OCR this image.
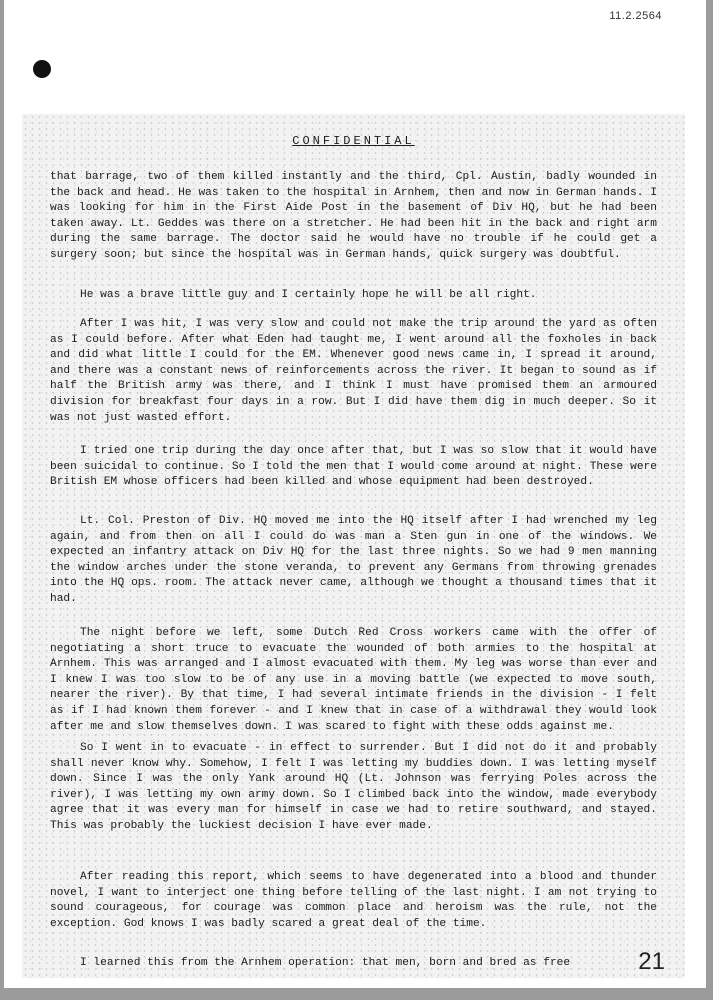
11.2.2564
CONFIDENTIAL

that barrage, two of them killed instantly and the third, Cpl. Austin, badly wounded in the back and head. He was taken to the hospital in Arnhem, then and now in German hands. I was looking for him in the First Aide Post in the basement of Div HQ, but he had been taken away. Lt. Geddes was there on a stretcher. He had been hit in the back and right arm during the same barrage. The doctor said he would have no trouble if he could get a surgery soon; but since the hospital was in German hands, quick surgery was doubtful.

He was a brave little guy and I certainly hope he will be all right.

After I was hit, I was very slow and could not make the trip around the yard as often as I could before. After what Eden had taught me, I went around all the foxholes in back and did what little I could for the EM. Whenever good news came in, I spread it around, and there was a constant news of reinforcements across the river. It began to sound as if half the British army was there, and I think I must have promised them an armoured division for breakfast four days in a row. But I did have them dig in much deeper. So it was not just wasted effort.

I tried one trip during the day once after that, but I was so slow that it would have been suicidal to continue. So I told the men that I would come around at night. These were British EM whose officers had been killed and whose equipment had been destroyed.

Lt. Col. Preston of Div. HQ moved me into the HQ itself after I had wrenched my leg again, and from then on all I could do was man a Sten gun in one of the windows. We expected an infantry attack on Div HQ for the last three nights. So we had 9 men manning the window arches under the stone veranda, to prevent any Germans from throwing grenades into the HQ ops. room. The attack never came, although we thought a thousand times that it had.

The night before we left, some Dutch Red Cross workers came with the offer of negotiating a short truce to evacuate the wounded of both armies to the hospital at Arnhem. This was arranged and I almost evacuated with them. My leg was worse than ever and I knew I was too slow to be of any use in a moving battle (we expected to move south, nearer the river). By that time, I had several intimate friends in the division - I felt as if I had known them forever - and I knew that in case of a withdrawal they would look after me and slow themselves down. I was scared to fight with these odds against me.

So I went in to evacuate - in effect to surrender. But I did not do it and probably shall never know why. Somehow, I felt I was letting my buddies down. I was letting myself down. Since I was the only Yank around HQ (Lt. Johnson was ferrying Poles across the river), I was letting my own army down. So I climbed back into the window, made everybody agree that it was every man for himself in case we had to retire southward, and stayed. This was probably the luckiest decision I have ever made.

After reading this report, which seems to have degenerated into a blood and thunder novel, I want to interject one thing before telling of the last night. I am not trying to sound courageous, for courage was common place and heroism was the rule, not the exception. God knows I was badly scared a great deal of the time.

I learned this from the Arnhem operation: that men, born and bred as free	21
